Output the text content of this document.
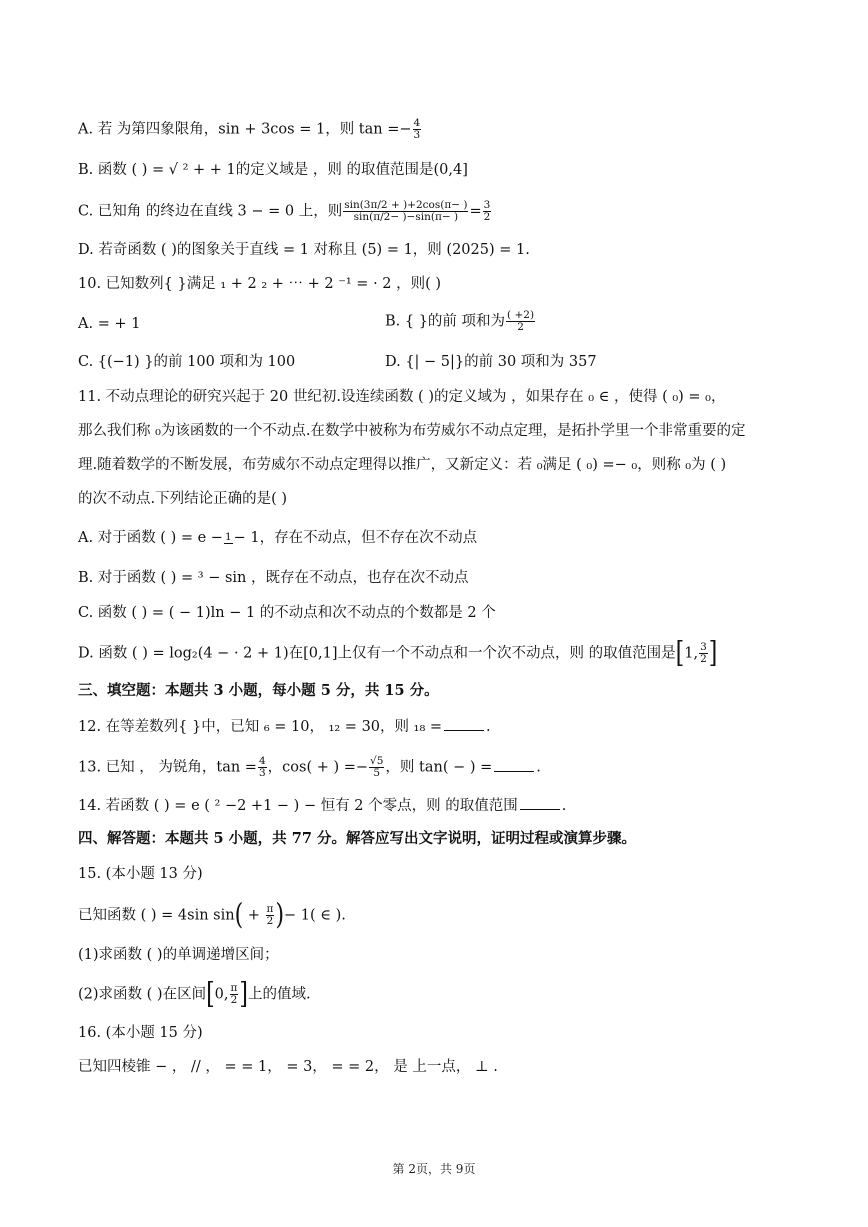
A. 若 为第四象限角，sin + 3cos = 1，则 $\tan =- \frac{4}{3}$
B. 函数 ( ) = √ ² + + 1的定义域是 ，则 的取值范围是(0,4]
C. 已知角 的终边在直线 3 − = 0 上，则 $\frac{\sin(3\pi/2 + )+2\cos(\pi- )}{\sin(\pi/2- )-\sin(\pi- )} = \frac{3}{2}$
D. 若奇函数 ( )的图象关于直线 = 1 对称且 (5) = 1，则 (2025) = 1.
10. 已知数列{ }满足 ₁ + 2 ₂ + ⋯ + 2 ⁻¹ = · 2 ，则( )
A. = + 1	B. { }的前 项和为 $\frac{( +2)}{2}$
C. {(−1) }的前 100 项和为 100	D. {| − 5|}的前 30 项和为 357
11. 不动点理论的研究兴起于 20 世纪初.设连续函数 ( )的定义域为 ，如果存在 ₀ ∈ ，使得 ( ₀) = ₀，
那么我们称 ₀为该函数的一个不动点.在数学中被称为布劳威尔不动点定理，是拓扑学里一个非常重要的定
理.随着数学的不断发展，布劳威尔不动点定理得以推广，又新定义：若 ₀满足 ( ₀) =− ₀，则称 ₀为 ( )
的次不动点.下列结论正确的是( )
A. 对于函数 ( ) = e − 1 − 1，存在不动点，但不存在次不动点
B. 对于函数 ( ) = ³ − sin ，既存在不动点，也存在次不动点
C. 函数 ( ) = ( − 1)ln − 1 的不动点和次不动点的个数都是 2 个
D. 函数 ( ) = log₂(4 − · 2 + 1)在[0,1]上仅有一个不动点和一个次不动点，则 的取值范围是[1, $\frac{3}{2}$ ]
三、填空题：本题共 3 小题，每小题 5 分，共 15 分。
12. 在等差数列{ }中，已知 ₆ = 10， ₁₂ = 30，则 ₁₈ =	.
13. 已知 ， 为锐角，$\tan = \frac{4}{3}$ ，cos( + ) =− $\frac{√5}{5}$ ，则 tan( − ) =	.
14. 若函数 ( ) = e ( ² −2 +1 − ) − 恒有 2 个零点，则 的取值范围	.
四、解答题：本题共 5 小题，共 77 分。解答应写出文字说明，证明过程或演算步骤。
15. (本小题 13 分)
已知函数 ( ) = 4sin $\sin( + \frac{\pi}{2}$ )− 1( ∈ ).
(1)求函数 ( )的单调递增区间；
(2)求函数 ( )在区间[0, $\frac{\pi}{2}$ ]上的值域.
16. (本小题 15 分)
已知四棱锥 − ， // ， = = 1， = 3， = = 2， 是 上一点， ⊥ .
第 2页，共 9页
